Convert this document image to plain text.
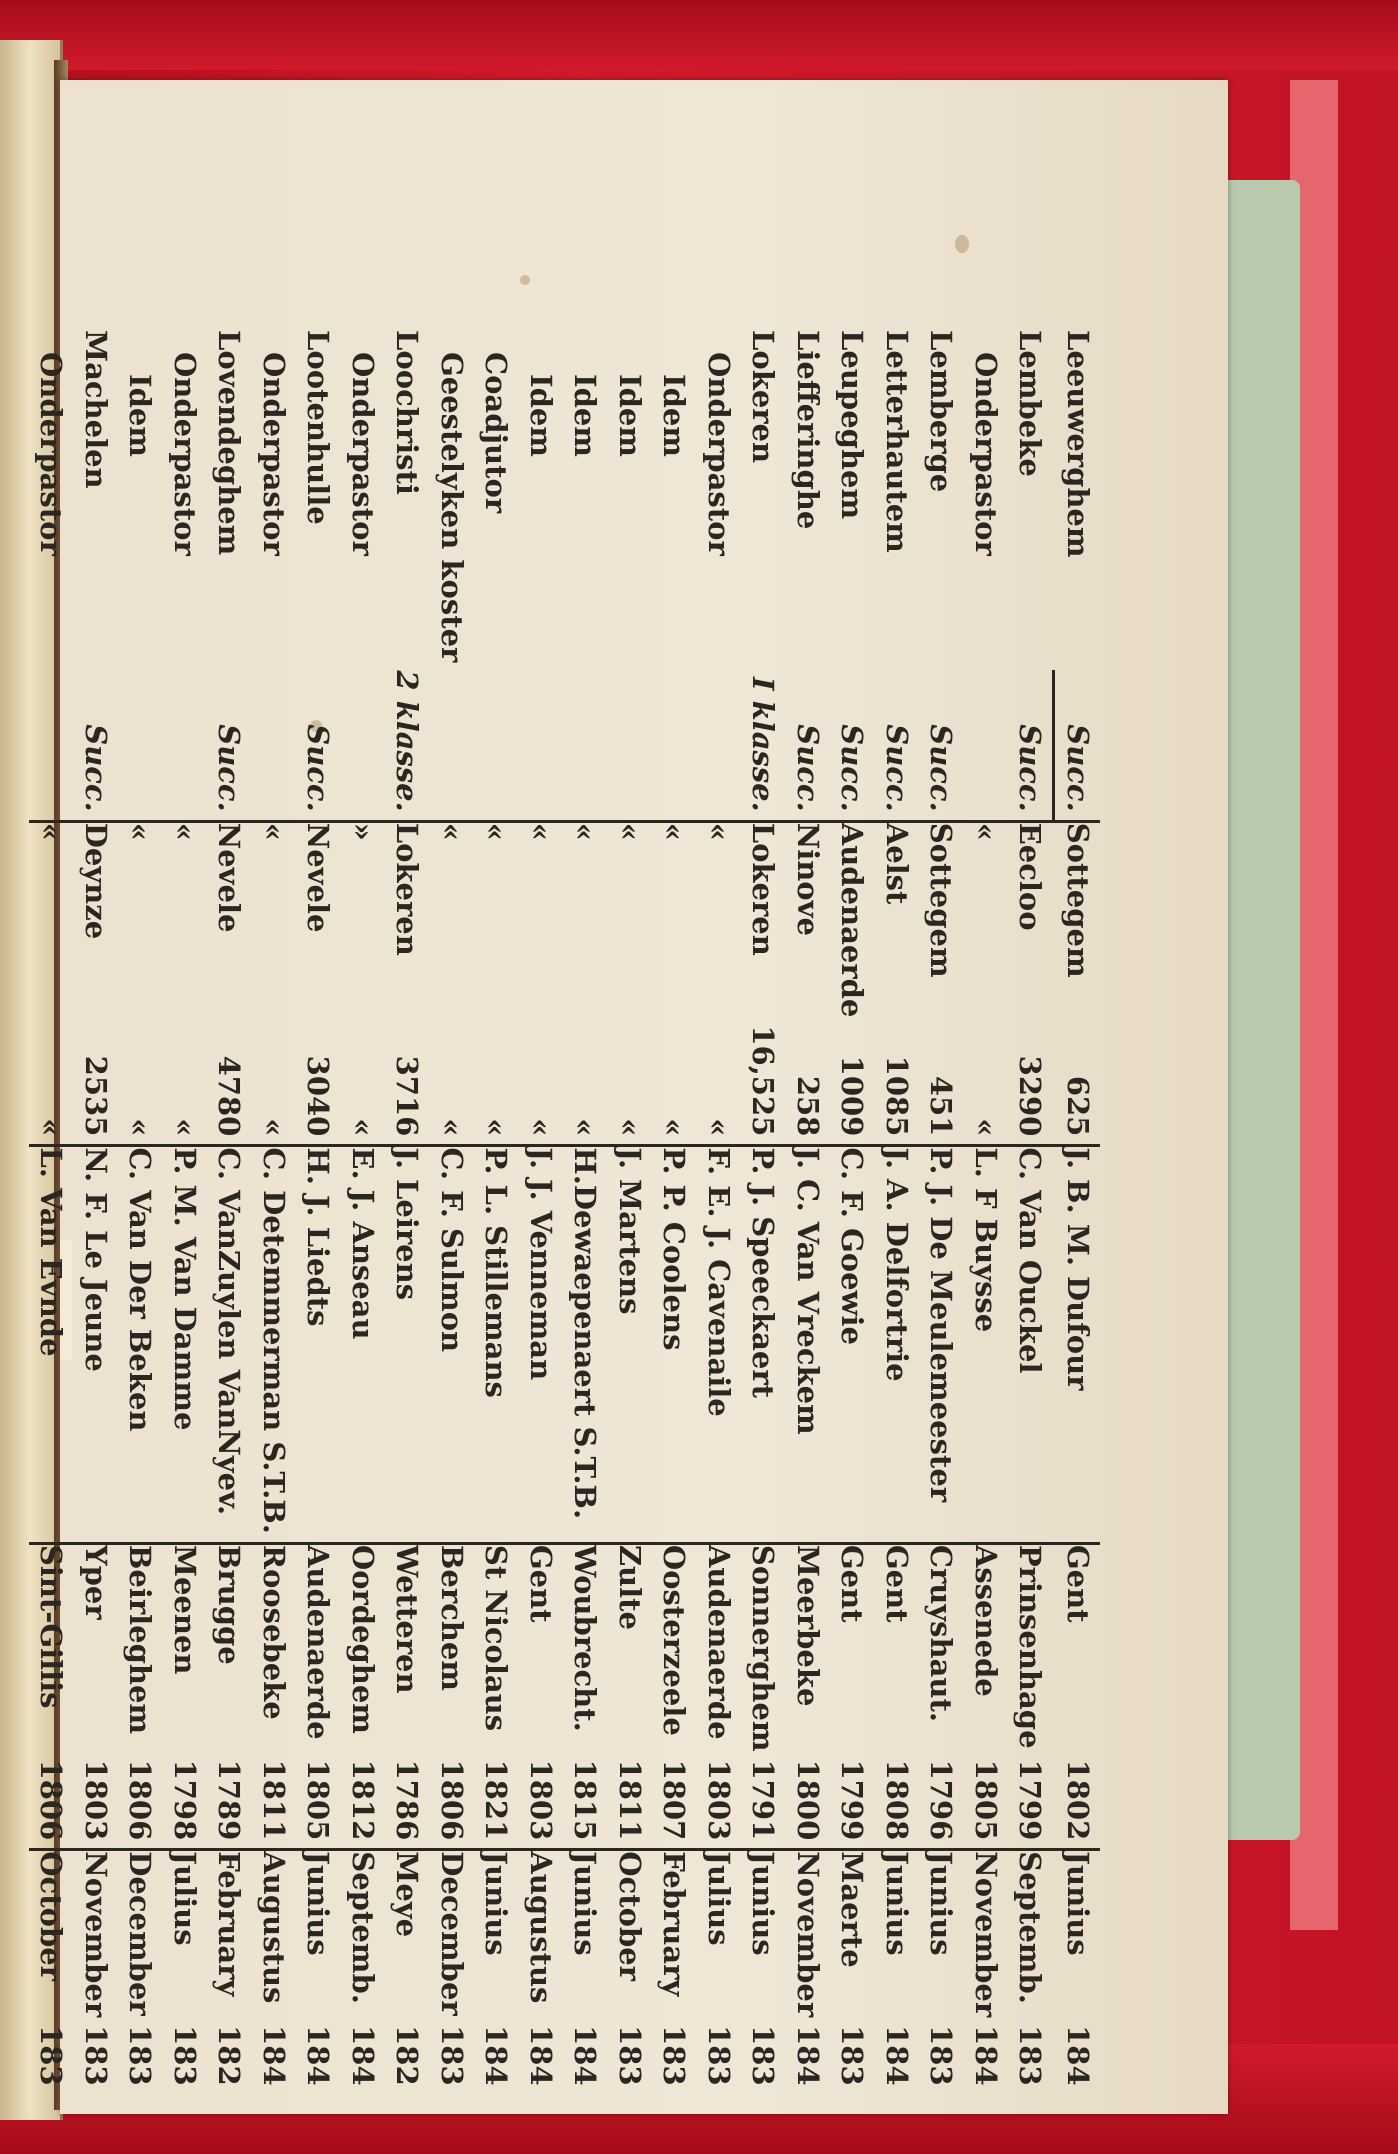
Leeuwerghem	Succ.	Sottegem	625	J. B. M. Dufour	Gent	1802	Junius	184
Lembeke	Succ.	Eecloo	3290	C. Van Ouckel	Prinsenhage	1799	Septemb.	183
Onderpastor		«	«	L. F Buysse	Assenede	1805	November	184
Lemberge	Succ.	Sottegem	451	P. J. De Meulemeester	Cruyshaut.	1796	Junius	183
Letterhautem	Succ.	Aelst	1085	J. A. Delfortrie	Gent	1808	Junius	184
Leupeghem	Succ.	Audenaerde	1009	C. F. Goewie	Gent	1799	Maerte	183
Liefferinghe	Succ.	Ninove	258	J. C. Van Vreckem	Meerbeke	1800	November	184
Lokeren	I klasse.	Lokeren	16,525	P. J. Speeckaert	Sonnerghem	1791	Junius	183
Onderpastor		«	«	F. E. J. Cavenaile	Audenaerde	1803	Julius	183
Idem		«	«	P. P. Coolens	Oosterzeele	1807	February	183
Idem		«	«	J. Martens	Zulte	1811	October	183
Idem		«	«	H.Dewaepenaert S.T.B.	Woubrecht.	1815	Junius	184
Idem		«	«	J. J. Venneman	Gent	1803	Augustus	184
Coadjutor		«	«	P. L. Stillemans	St Nicolaus	1821	Junius	184
Geestelyken koster		«	«	C. F. Sulmon	Berchem	1806	December	183
Loochristi	2 klasse.	Lokeren	3716	J. Leirens	Wetteren	1786	Meye	182
Onderpastor		»	«	E. J. Anseau	Oordeghem	1812	Septemb.	184
Lootenhulle	Succ.	Nevele	3040	H. J. Liedts	Audenaerde	1805	Junius	184
Onderpastor		«	«	C. Detemmerman S.T.B.	Roosebeke	1811	Augustus	184
Lovendeghem	Succ.	Nevele	4780	C. VanZuylen VanNyev.	Brugge	1789	February	182
Onderpastor		«	«	P. M. Van Damme	Meenen	1798	Julius	183
Idem		«	«	C. Van Der Beken	Beirleghem	1806	December	183
Machelen	Succ.	Deynze	2535	N. F. Le Jeune	Yper	1803	November	183
Onderpastor		«	«	L. Van Evnde	Sint-Gillis	1806	October	183
